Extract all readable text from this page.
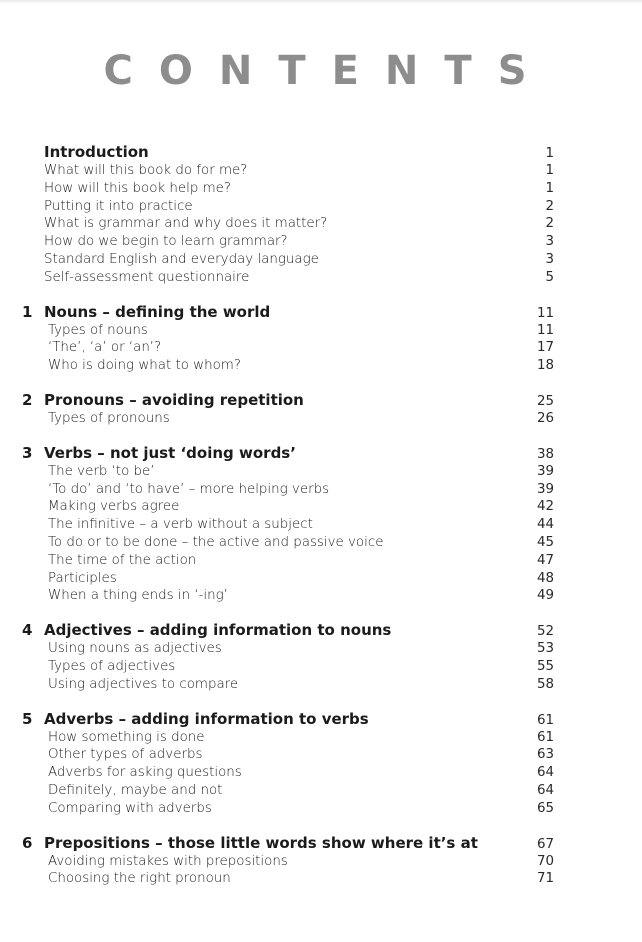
CONTENTS
Introduction	1
What will this book do for me?	1
How will this book help me?	1
Putting it into practice	2
What is grammar and why does it matter?	2
How do we begin to learn grammar?	3
Standard English and everyday language	3
Self-assessment questionnaire	5
1 Nouns – defining the world	11
Types of nouns	11
‘The’, ‘a’ or ‘an’?	17
Who is doing what to whom?	18
2 Pronouns – avoiding repetition	25
Types of pronouns	26
3 Verbs – not just ‘doing words’	38
The verb ‘to be’	39
‘To do’ and ‘to have’ – more helping verbs	39
Making verbs agree	42
The infinitive – a verb without a subject	44
To do or to be done – the active and passive voice	45
The time of the action	47
Participles	48
When a thing ends in ‘-ing’	49
4 Adjectives – adding information to nouns	52
Using nouns as adjectives	53
Types of adjectives	55
Using adjectives to compare	58
5 Adverbs – adding information to verbs	61
How something is done	61
Other types of adverbs	63
Adverbs for asking questions	64
Definitely, maybe and not	64
Comparing with adverbs	65
6 Prepositions – those little words show where it’s at	67
Avoiding mistakes with prepositions	70
Choosing the right pronoun	71
